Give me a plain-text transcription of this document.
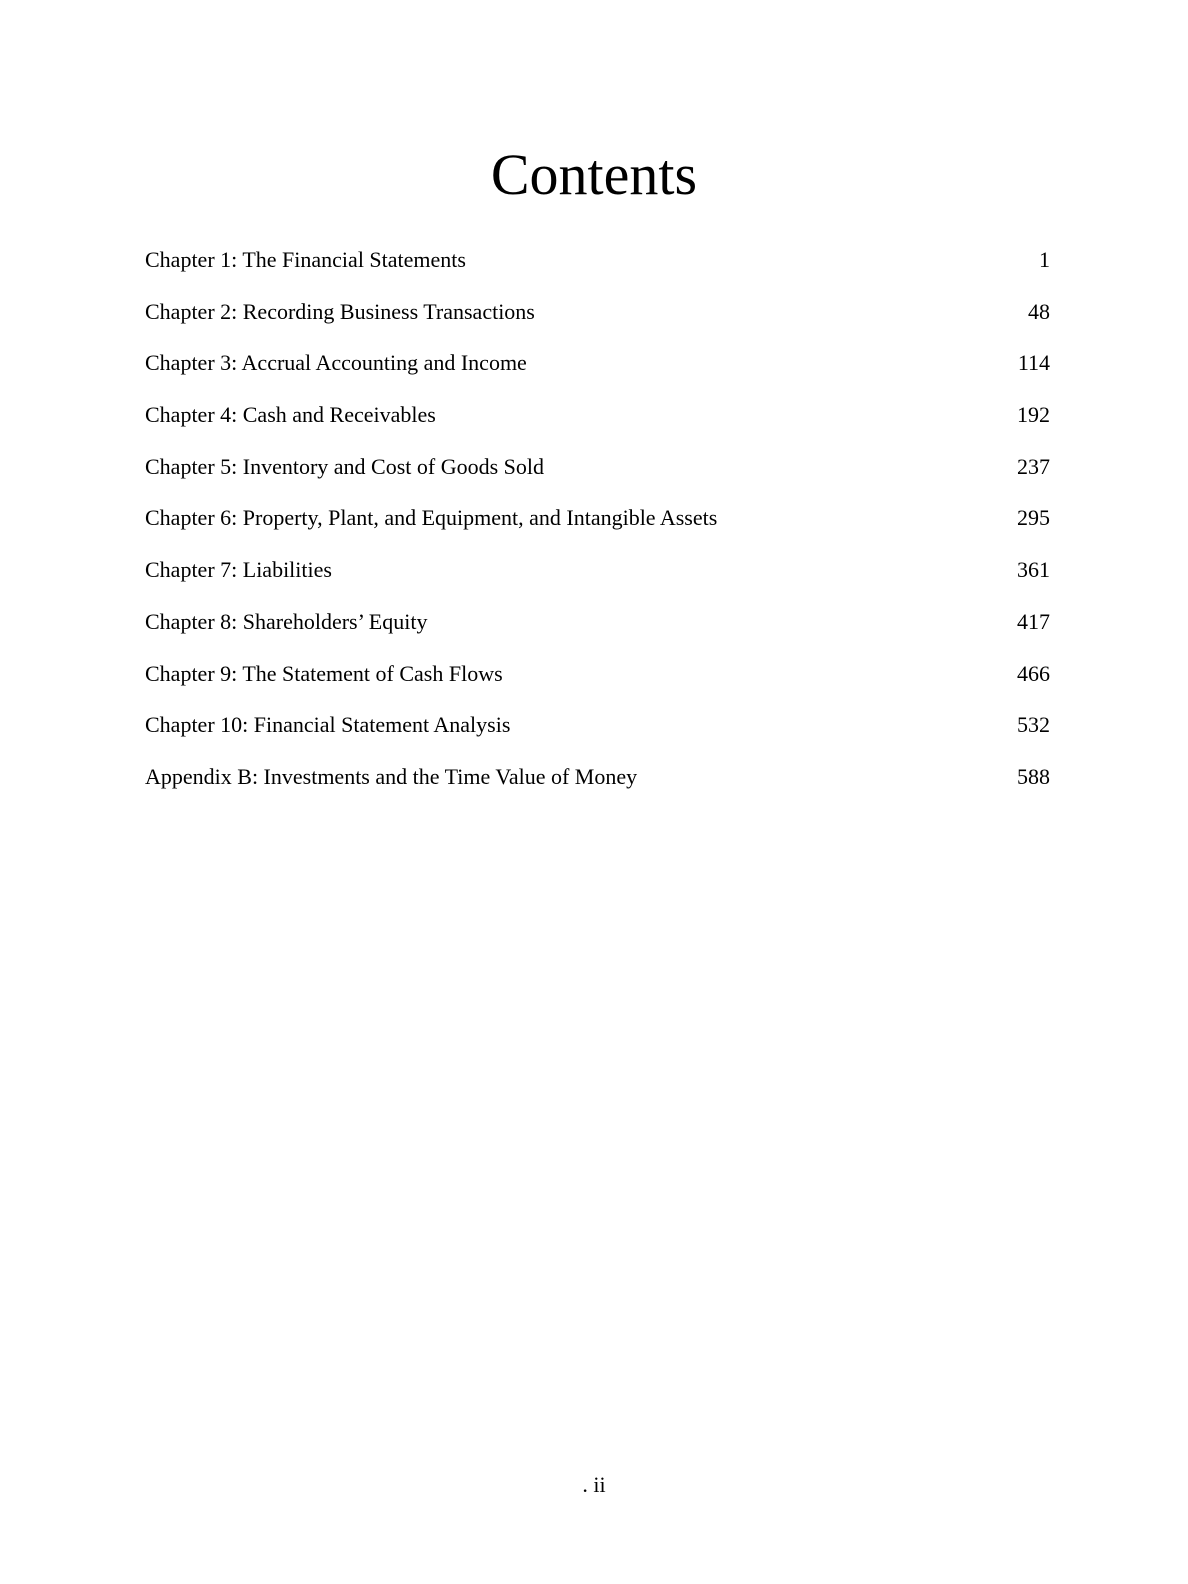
Contents
Chapter 1: The Financial Statements	1
Chapter 2: Recording Business Transactions	48
Chapter 3: Accrual Accounting and Income	114
Chapter 4: Cash and Receivables	192
Chapter 5: Inventory and Cost of Goods Sold	237
Chapter 6: Property, Plant, and Equipment, and Intangible Assets	295
Chapter 7: Liabilities	361
Chapter 8: Shareholders’ Equity	417
Chapter 9: The Statement of Cash Flows	466
Chapter 10: Financial Statement Analysis	532
Appendix B: Investments and the Time Value of Money	588
. ii
